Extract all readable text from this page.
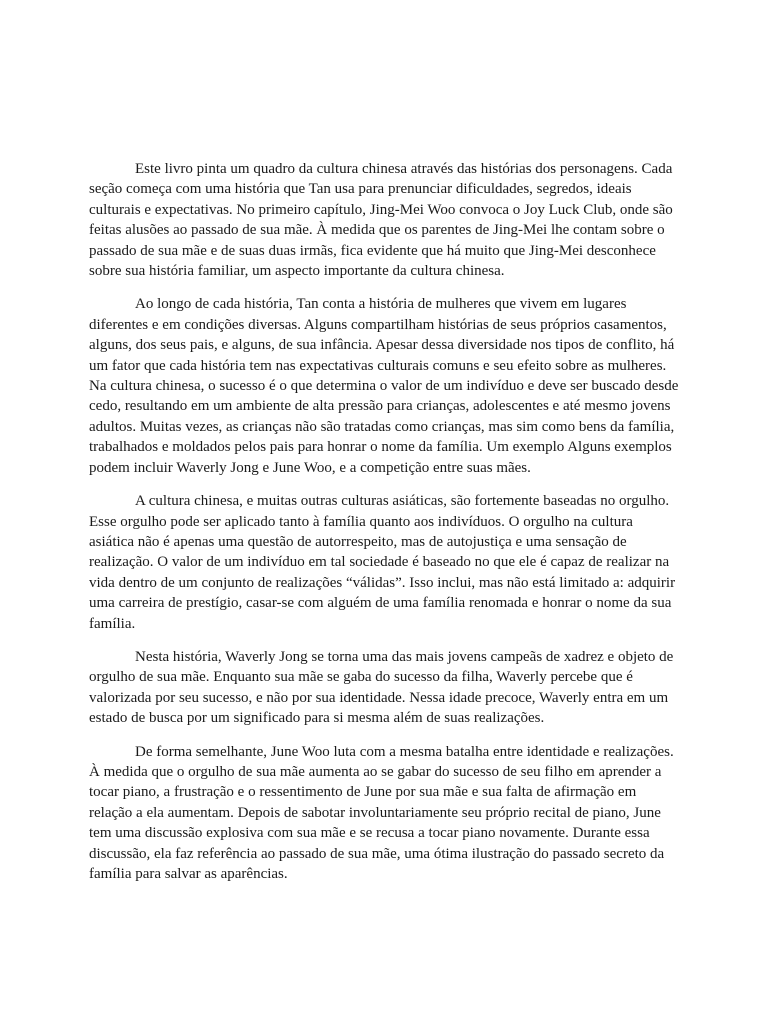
Este livro pinta um quadro da cultura chinesa através das histórias dos personagens. Cada seção começa com uma história que Tan usa para prenunciar dificuldades, segredos, ideais culturais e expectativas. No primeiro capítulo, Jing-Mei Woo convoca o Joy Luck Club, onde são feitas alusões ao passado de sua mãe. À medida que os parentes de Jing-Mei lhe contam sobre o passado de sua mãe e de suas duas irmãs, fica evidente que há muito que Jing-Mei desconhece sobre sua história familiar, um aspecto importante da cultura chinesa.

Ao longo de cada história, Tan conta a história de mulheres que vivem em lugares diferentes e em condições diversas. Alguns compartilham histórias de seus próprios casamentos, alguns, dos seus pais, e alguns, de sua infância. Apesar dessa diversidade nos tipos de conflito, há um fator que cada história tem nas expectativas culturais comuns e seu efeito sobre as mulheres. Na cultura chinesa, o sucesso é o que determina o valor de um indivíduo e deve ser buscado desde cedo, resultando em um ambiente de alta pressão para crianças, adolescentes e até mesmo jovens adultos. Muitas vezes, as crianças não são tratadas como crianças, mas sim como bens da família, trabalhados e moldados pelos pais para honrar o nome da família. Um exemplo Alguns exemplos podem incluir Waverly Jong e June Woo, e a competição entre suas mães.

A cultura chinesa, e muitas outras culturas asiáticas, são fortemente baseadas no orgulho. Esse orgulho pode ser aplicado tanto à família quanto aos indivíduos. O orgulho na cultura asiática não é apenas uma questão de autorrespeito, mas de autojustiça e uma sensação de realização. O valor de um indivíduo em tal sociedade é baseado no que ele é capaz de realizar na vida dentro de um conjunto de realizações “válidas”. Isso inclui, mas não está limitado a: adquirir uma carreira de prestígio, casar-se com alguém de uma família renomada e honrar o nome da sua família.

Nesta história, Waverly Jong se torna uma das mais jovens campeãs de xadrez e objeto de orgulho de sua mãe. Enquanto sua mãe se gaba do sucesso da filha, Waverly percebe que é valorizada por seu sucesso, e não por sua identidade. Nessa idade precoce, Waverly entra em um estado de busca por um significado para si mesma além de suas realizações.

De forma semelhante, June Woo luta com a mesma batalha entre identidade e realizações. À medida que o orgulho de sua mãe aumenta ao se gabar do sucesso de seu filho em aprender a tocar piano, a frustração e o ressentimento de June por sua mãe e sua falta de afirmação em relação a ela aumentam. Depois de sabotar involuntariamente seu próprio recital de piano, June tem uma discussão explosiva com sua mãe e se recusa a tocar piano novamente. Durante essa discussão, ela faz referência ao passado de sua mãe, uma ótima ilustração do passado secreto da família para salvar as aparências.
